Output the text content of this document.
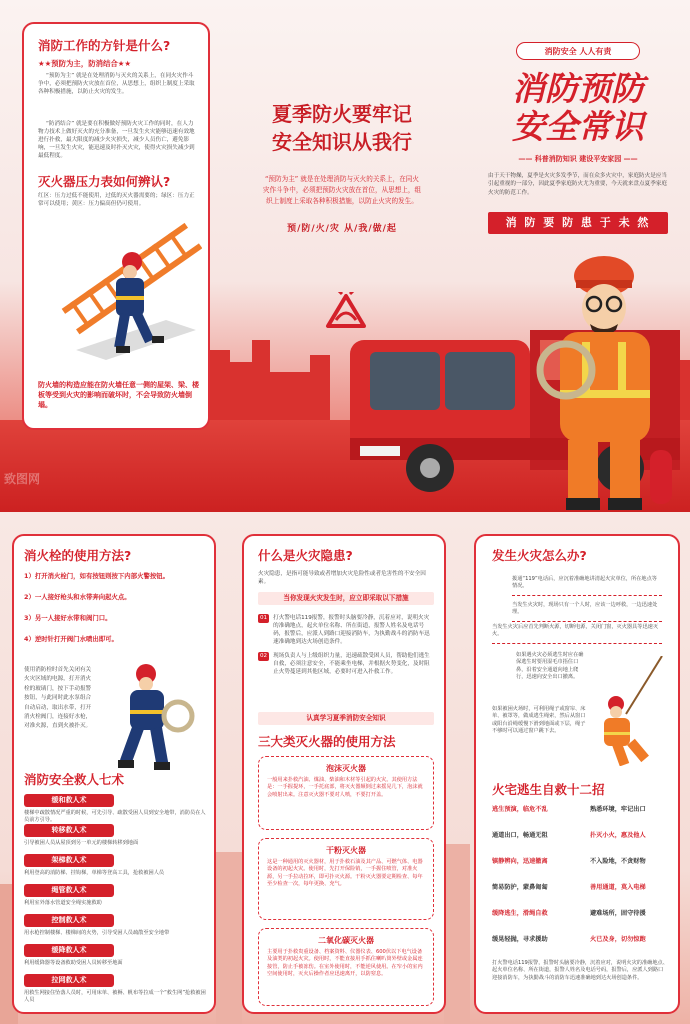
消防工作的方针是什么?
★★预防为主，防消结合★★
“预防为主” 就是在处理消防与灭火的关系上，在同火灾作斗争中，必须把预防火灾放在首位，从思想上，组织上制度上采取各种积极措施，以防止火灾的发生。
“防消结合” 就是要在积极做好预防火灾工作的同时，在人力物力技术上做好灭火的充分准备，一旦发生火灾能够迅速有效地进行扑救，最大限度的减少火灾损失，减少人员伤亡，避免影响，一旦发生火灾，能迅速及时扑灭火灾，使得火灾损失减少到最低程度。
灭火器压力表如何辨认?
红区：压力过低不能使用，过低的灭火器需要的；绿区：压力正常可以使用；黄区：压力偏高但仍可使用。
防火墙的构造应能在防火墙任意一侧的屋架、梁、楼板等受到火灾的影响而破坏时，不会导致防火墙倒塌。
夏季防火要牢记
安全知识从我行
“预防为主” 就是在处理消防与灭火的关系上，在同火灾作斗争中，必须把预防火灾放在首位，从思想上，组织上制度上采取各种积极措施，以防止火灾的发生。
预/防/火/灾 从/我/做/起
消防安全 人人有责
消防预防
安全常识
—— 科普消防知识 建设平安家园 ——
由于天干物燥，夏季是火灾多发季节，而在众多火灾中，家庭防火是应当引起重视的一部分，因此夏季家庭防火尤为重要，今天就来盘点夏季家庭火灾的防范工作。
消 防 要 防 患 于 未 然
致图网
消火栓的使用方法?
1）打开消火栓门，如有按钮则按下内部火警按钮。
2）一人接好枪头和水带奔向起火点。
3）另一人接好水带和阀门口。
4）逆时针打开阀门水喷出即可。
使用消防栓时首先关闭有关火灾区域的电源，打开消火栓的玻璃门，按下手动报警按钮，与此同时此水泵组合自动启动，取出水带，打开消火栓阀门，连接好水枪，对准火源，直到火被扑灭。
消防安全救人七术
缓和救人术
楼梯中疏散情况严重的时候，可先引导、疏散受困人员到安全地带，消防员在人员前方引导。
转移救人术
引导被困人员从屋顶到另一单元的楼梯转移到地面
架梯救人术
利用登高的消防梯、挂钩梯，单梯等登高工具，抢救被困人员
绳管救人术
利用室外落水管道安全绳实施救助
控制救人术
用水枪控制楼梯、楼梯间的火势，引导受困人员疏散至安全地带
缓降救人术
利用缓降器等设备救助受困人员转移至地面
拉网救人术
用救生网接住坠落人员时，可用床单、被褥、帆布等拉成一个“救生网”抢救被困人员
什么是火灾隐患?
火灾隐患，是指可能导致或者增加火灾危险性或者危害性的不安全因素。
当你发现火灾发生时，应立即采取以下措施
01	打火警电话119报警，报警时头脑要冷静，沉着应对，说明火灾的准确地点，起火单位名称、所在街道，报警人姓名及电话号码，报警后，应派人到路口迎接消防车，为执勤战斗的消防车迅速准确地到达火场创造条件。
02	现场负责人与上级组织力量，迅速疏散受困人员，帮助他们逃生自救，必须注意安全，不能乘坐电梯，并根据火势变化，及时阻止火势蔓延到其他区域，必要时可进入扑救工作。
认真学习夏季消防安全知识
三大类灭火器的使用方法
泡沫灭火器
一般用来扑救汽油、煤油、柴油和木材等引起的火灾。其使用方法是：一手握提环，一手托底部，将灭火器颠倒过来摇晃几下，泡沫就会喷射出来。注意灭火器不要对人喷，不要打开盖。
干粉灭火器
这是一种通用的灭火器材，用于扑救石油及其产品、可燃气体、电器设备的初起火灾。使用时，先打开保险销，一手握住喷管，对准火源，另一手拉动拉环，即可扑灭火源。干粉灭火器要定期检查、每年至少检查一次，每年更换、充气。
二氧化碳灭火器
主要用于扑救贵重设备、档案资料、仪器仪表、600伏以下电气设备及油类的初起火灾。使用时，不能直接用手抓住喇叭筒外壁或金属连接管，防止手被冻伤。在室外使用时，不能逆风使用。在窄小的室内空间使用时，灭火后操作者应迅速离开，以防窒息。
发生火灾怎么办?
拨通“119”电话后，应沉着准确地讲清起火灾单位，所在地点等情况。
当发生火灾时，现场只有一个人时，应该一边呼救，一边迅速处理。
当发生火灾后应首先判断火源，切断电源，关闭门窗，灭火器具等迅速灭火。
如果遇火灾必须逃生时应在确保逃生时要用湿毛巾捂住口鼻，沿着安全通道向地上爬行，迅速向安全出口撤离。
如果被困火场时，可利用绳子或窗帘、床单、被罩等，做成逃生绳索，然后从窗口或阳台沿绳缓慢下滑到地面或下层，绳子不够时可以通过窗户跳下去。
火宅逃生自救十二招
逃生预演，临危不乱	熟悉环境，牢记出口
通道出口，畅通无阻	扑灭小火，惠及他人
镇静辨向，迅速撤离	不入险地，不贪财物
简易防护，蒙鼻匍匐	善用通道，莫入电梯
缓降逃生，滑绳自救	避难场所，固守待援
缓晃轻抛，寻求援助	火已及身，切勿惊跑
打火警电话119报警，报警时头脑要冷静，沉着应对，说明火灾的准确地点、起火单位名称、所在街道，报警人姓名及电话号码，报警后，应派人到路口迎接消防车，为执勤战斗的消防车迅速准确地到达火场创造条件。
